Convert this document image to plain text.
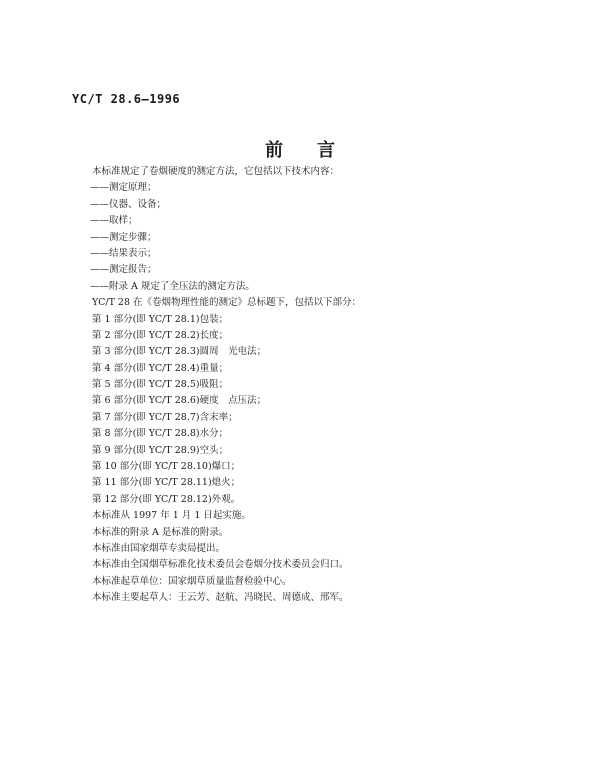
YC/T 28.6—1996
前言
本标准规定了卷烟硬度的测定方法，它包括以下技术内容：
——测定原理；
——仪器、设备；
——取样；
——测定步骤；
——结果表示；
——测定报告；
——附录 A 规定了全压法的测定方法。
YC/T 28 在《卷烟物理性能的测定》总标题下，包括以下部分：
第 1 部分(即 YC/T 28.1)包装；
第 2 部分(即 YC/T 28.2)长度；
第 3 部分(即 YC/T 28.3)圆周　光电法；
第 4 部分(即 YC/T 28.4)重量；
第 5 部分(即 YC/T 28.5)吸阻；
第 6 部分(即 YC/T 28.6)硬度　点压法；
第 7 部分(即 YC/T 28.7)含末率；
第 8 部分(即 YC/T 28.8)水分；
第 9 部分(即 YC/T 28.9)空头；
第 10 部分(即 YC/T 28.10)爆口；
第 11 部分(即 YC/T 28.11)熄火；
第 12 部分(即 YC/T 28.12)外观。
本标准从 1997 年 1 月 1 日起实施。
本标准的附录 A 是标准的附录。
本标准由国家烟草专卖局提出。
本标准由全国烟草标准化技术委员会卷烟分技术委员会归口。
本标准起草单位：国家烟草质量监督检验中心。
本标准主要起草人：王云芳、赵航、冯晓民、周德成、邢军。
